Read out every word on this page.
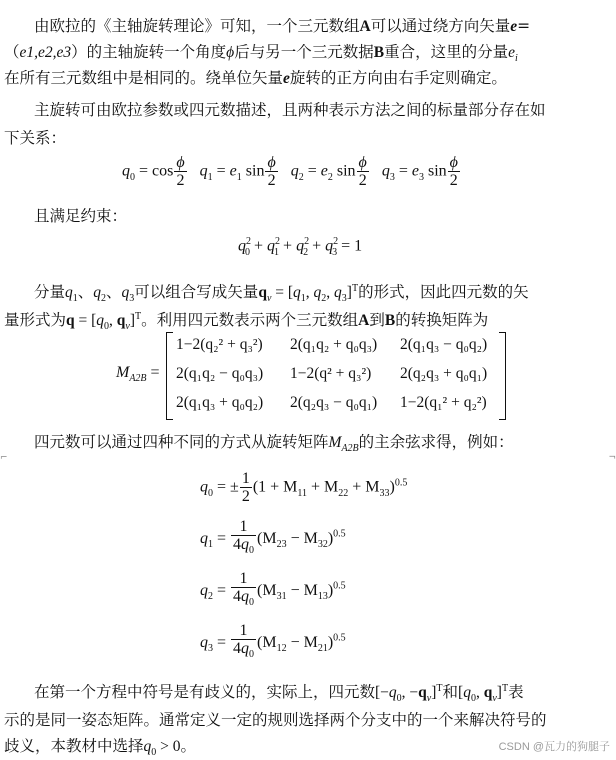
由欧拉的《主轴旋转理论》可知，一个三元数组A可以通过绕方向矢量e=
（e1,e2,e3）的主轴旋转一个角度ϕ后与另一个三元数据B重合，这里的分量$e_i$
在所有三元数组中是相同的。绕单位矢量e旋转的正方向由右手定则确定。
主旋转可由欧拉参数或四元数描述，且两种表示方法之间的标量部分存在如
下关系：
$q_0 = \cos \frac{\phi}{2} q_1 = e_1$ $\sin \frac{\phi}{2} q_2 = e_2$ $\sin \frac{\phi}{2} q_3 = e_3$ $\sin \frac{\phi}{2}$
且满足约束：
$q^2_0 + q^2_1 + q^2_2 + q^2_3 = 1$
分量$q_1$、$q_2$、$q_3$可以组合写成矢量$q_v = [q_1$, $q_2$, $q_3]^T$的形式，因此四元数的矢
量形式为$q = [q_0$, $q_v]^T$。利用四元数表示两个三元数组A到B的转换矩阵为
$M_{A2B}$ =
1−2(q₂² + q₃²) 2(q₁q₂ + q₀q₃) 2(q₁q₃ − q₀q₂)
2(q₁q₂ − q₀q₃) 1−2(q² + q₃²) 2(q₂q₃ + q₀q₁)
2(q₁q₃ + q₀q₂) 2(q₂q₃ − q₀q₁) 1−2(q₁² + q₂²)
四元数可以通过四种不同的方式从旋转矩阵$M_{A2B}$的主余弦求得，例如：
⌐	¬
$q_0$ = ± $\frac{1}{2} (1 + M_{11} + M_{22} + M_{33})^{0.5}$
$q_1 = \frac{1}{4q_0} (M_{23} - M_{32})^{0.5}$
$q_2 = \frac{1}{4q_0} (M_{31} - M_{13})^{0.5}$
$q_3 = \frac{1}{4q_0} (M_{12} - M_{21})^{0.5}$
在第一个方程中符号是有歧义的，实际上，四元数[$-q_0$, $-q_v]^T$和[$q_0$, $q_v]^T$表
示的是同一姿态矩阵。通常定义一定的规则选择两个分支中的一个来解决符号的
歧义，本教材中选择$q_0 > 0$。	CSDN @瓦力的狗腿子
